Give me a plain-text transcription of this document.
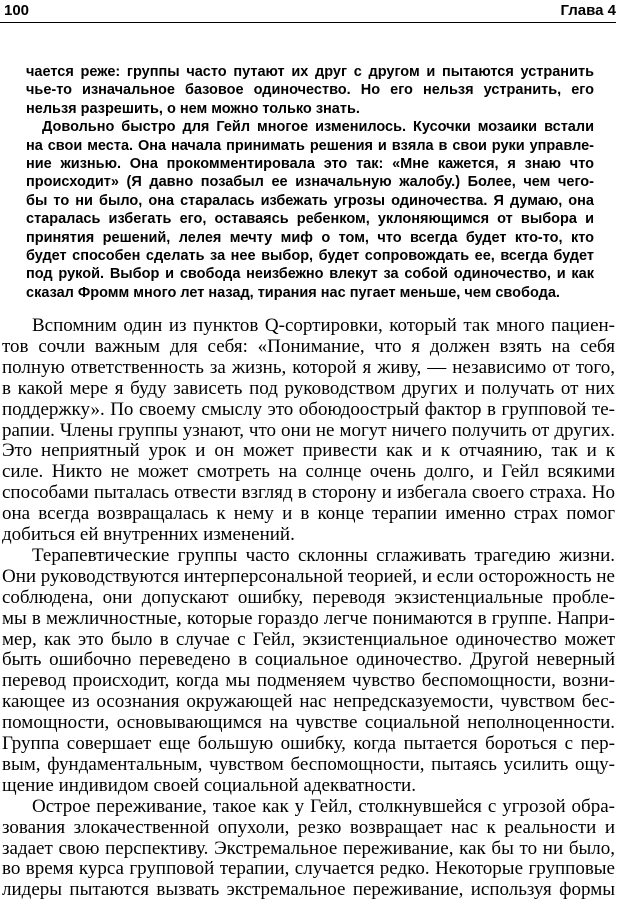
100	Глава 4
чается реже: группы часто путают их друг с другом и пытаются устранить
чье-то изначальное базовое одиночество. Но его нельзя устранить, его
нельзя разрешить, о нем можно только знать.
Довольно быстро для Гейл многое изменилось. Кусочки мозаики встали
на свои места. Она начала принимать решения и взяла в свои руки управле-
ние жизнью. Она прокомментировала это так: «Мне кажется, я знаю что
происходит» (Я давно позабыл ее изначальную жалобу.) Более, чем чего-
бы то ни было, она старалась избежать угрозы одиночества. Я думаю, она
старалась избегать его, оставаясь ребенком, уклоняющимся от выбора и
принятия решений, лелея мечту миф о том, что всегда будет кто-то, кто
будет способен сделать за нее выбор, будет сопровождать ее, всегда будет
под рукой. Выбор и свобода неизбежно влекут за собой одиночество, и как
сказал Фромм много лет назад, тирания нас пугает меньше, чем свобода.
Вспомним один из пунктов Q-сортировки, который так много пациен-
тов сочли важным для себя: «Понимание, что я должен взять на себя
полную ответственность за жизнь, которой я живу, — независимо от того,
в какой мере я буду зависеть под руководством других и получать от них
поддержку». По своему смыслу это обоюдоострый фактор в групповой те-
рапии. Члены группы узнают, что они не могут ничего получить от других.
Это неприятный урок и он может привести как и к отчаянию, так и к
силе. Никто не может смотреть на солнце очень долго, и Гейл всякими
способами пыталась отвести взгляд в сторону и избегала своего страха. Но
она всегда возвращалась к нему и в конце терапии именно страх помог
добиться ей внутренних изменений.
Терапевтические группы часто склонны сглаживать трагедию жизни.
Они руководствуются интерперсональной теорией, и если осторожность не
соблюдена, они допускают ошибку, переводя экзистенциальные пробле-
мы в межличностные, которые гораздо легче понимаются в группе. Напри-
мер, как это было в случае с Гейл, экзистенциальное одиночество может
быть ошибочно переведено в социальное одиночество. Другой неверный
перевод происходит, когда мы подменяем чувство беспомощности, возни-
кающее из осознания окружающей нас непредсказуемости, чувством бес-
помощности, основывающимся на чувстве социальной неполноценности.
Группа совершает еще большую ошибку, когда пытается бороться с пер-
вым, фундаментальным, чувством беспомощности, пытаясь усилить ощу-
щение индивидом своей социальной адекватности.
Острое переживание, такое как у Гейл, столкнувшейся с угрозой обра-
зования злокачественной опухоли, резко возвращает нас к реальности и
задает свою перспективу. Экстремальное переживание, как бы то ни было,
во время курса групповой терапии, случается редко. Некоторые групповые
лидеры пытаются вызвать экстремальное переживание, используя формы
